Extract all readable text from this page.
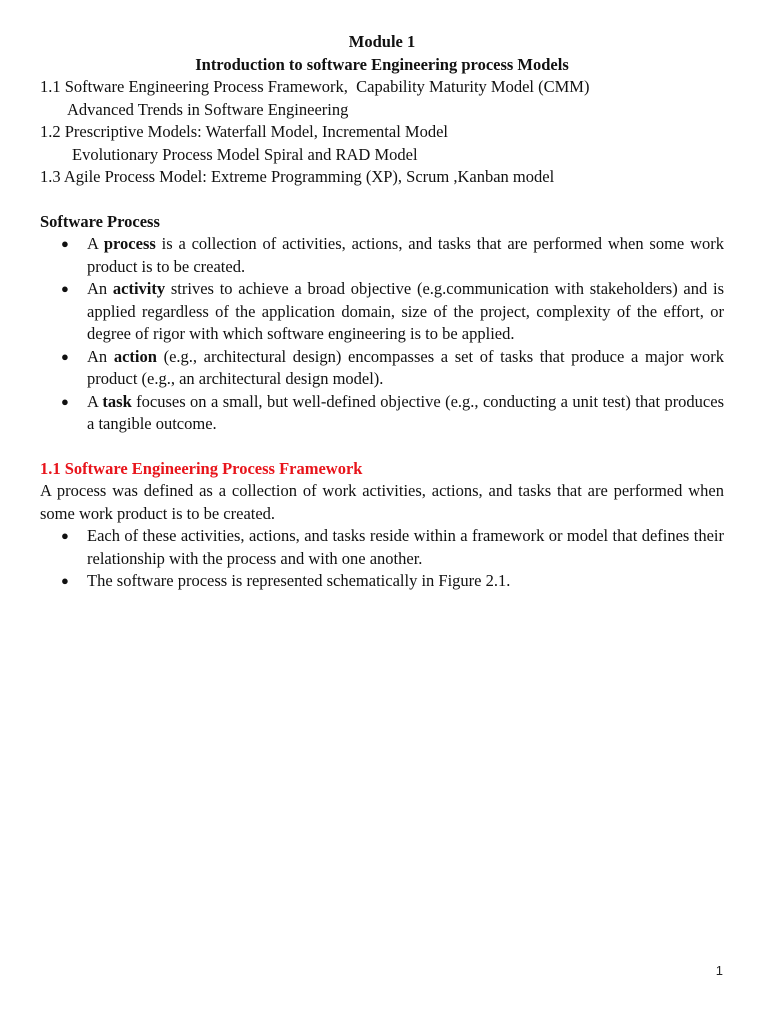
Module 1
Introduction to software Engineering process Models
1.1 Software Engineering Process Framework,  Capability Maturity Model (CMM)
Advanced Trends in Software Engineering
1.2 Prescriptive Models: Waterfall Model, Incremental Model
Evolutionary Process Model Spiral and RAD Model
1.3 Agile Process Model: Extreme Programming (XP), Scrum ,Kanban model
Software Process
● A process is a collection of activities, actions, and tasks that are performed when some work product is to be created.
● An activity strives to achieve a broad objective (e.g.communication with stakeholders) and is applied regardless of the application domain, size of the project, complexity of the effort, or degree of rigor with which software engineering is to be applied.
● An action (e.g., architectural design) encompasses a set of tasks that produce a major work product (e.g., an architectural design model).
● A task focuses on a small, but well-defined objective (e.g., conducting a unit test) that produces a tangible outcome.
1.1 Software Engineering Process Framework
A process was defined as a collection of work activities, actions, and tasks that are performed when some work product is to be created.
● Each of these activities, actions, and tasks reside within a framework or model that defines their relationship with the process and with one another.
● The software process is represented schematically in Figure 2.1.
1
